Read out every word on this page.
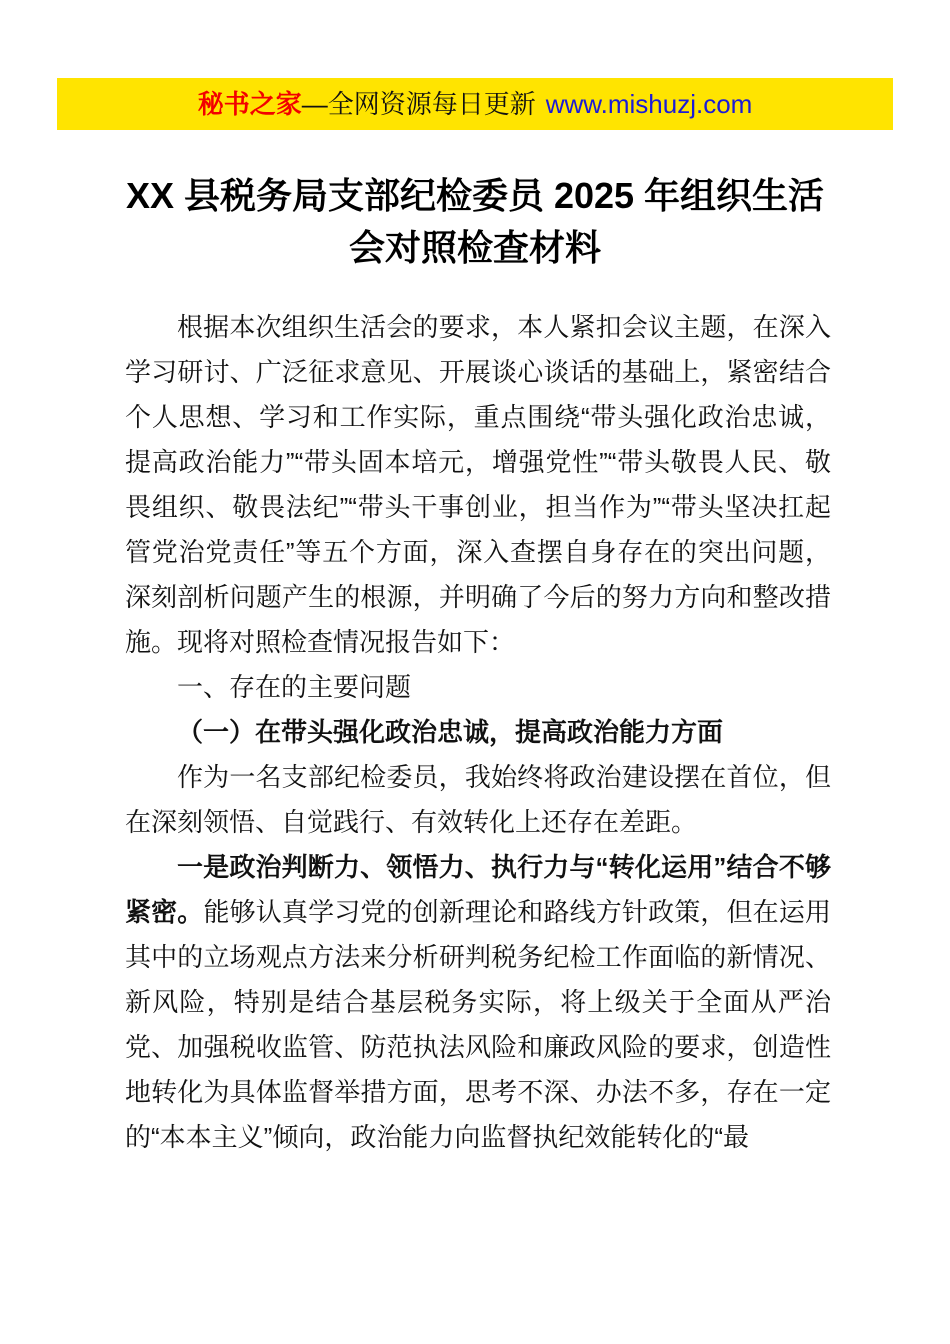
秘书之家 —全网资源每日更新 www.mishuzj.com
XX 县税务局支部纪检委员 2025 年组织生活
会对照检查材料

根据本次组织生活会的要求，本人紧扣会议主题，在深入学习研讨、广泛征求意见、开展谈心谈话的基础上，紧密结合个人思想、学习和工作实际，重点围绕“带头强化政治忠诚，提高政治能力”“带头固本培元，增强党性”“带头敬畏人民、敬畏组织、敬畏法纪”“带头干事创业，担当作为”“带头坚决扛起管党治党责任”等五个方面，深入查摆自身存在的突出问题，深刻剖析问题产生的根源，并明确了今后的努力方向和整改措施。现将对照检查情况报告如下：

一、存在的主要问题

（一）在带头强化政治忠诚，提高政治能力方面

作为一名支部纪检委员，我始终将政治建设摆在首位，但在深刻领悟、自觉践行、有效转化上还存在差距。

一是政治判断力、领悟力、执行力与“转化运用”结合不够紧密。能够认真学习党的创新理论和路线方针政策，但在运用其中的立场观点方法来分析研判税务纪检工作面临的新情况、新风险，特别是结合基层税务实际，将上级关于全面从严治党、加强税收监管、防范执法风险和廉政风险的要求，创造性地转化为具体监督举措方面，思考不深、办法不多，存在一定的“本本主义”倾向，政治能力向监督执纪效能转化的“最
